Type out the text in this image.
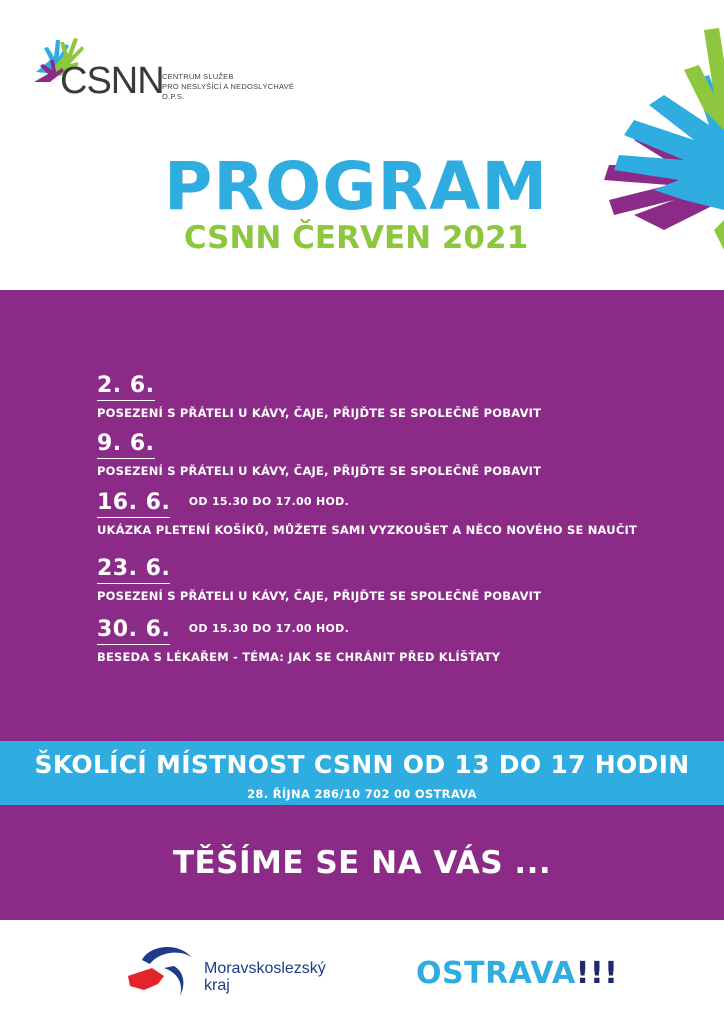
CSNN
CENTRUM SLUŽEB
PRO NESLYŠÍCÍ A NEDOSLÝCHAVÉ
O.P.S.
PROGRAM
CSNN ČERVEN 2021
2. 6.
POSEZENÍ S PŘÁTELI U KÁVY, ČAJE, PŘIJĎTE SE SPOLEČNĚ POBAVIT
9. 6.
POSEZENÍ S PŘÁTELI U KÁVY, ČAJE, PŘIJĎTE SE SPOLEČNĚ POBAVIT
16. 6. OD 15.30 DO 17.00 HOD.
UKÁZKA PLETENÍ KOŠÍKŮ, MŮŽETE SAMI VYZKOUŠET A NĚCO NOVÉHO SE NAUČIT
23. 6.
POSEZENÍ S PŘÁTELI U KÁVY, ČAJE, PŘIJĎTE SE SPOLEČNĚ POBAVIT
30. 6. OD 15.30 DO 17.00 HOD.
BESEDA S LÉKAŘEM - TÉMA: JAK SE CHRÁNIT PŘED KLÍŠŤATY
ŠKOLÍCÍ MÍSTNOST CSNN OD 13 DO 17 HODIN
28. ŘÍJNA 286/10 702 00 OSTRAVA
TĚŠÍME SE NA VÁS ...
Moravskoslezský
kraj	OSTRAVA!!!
